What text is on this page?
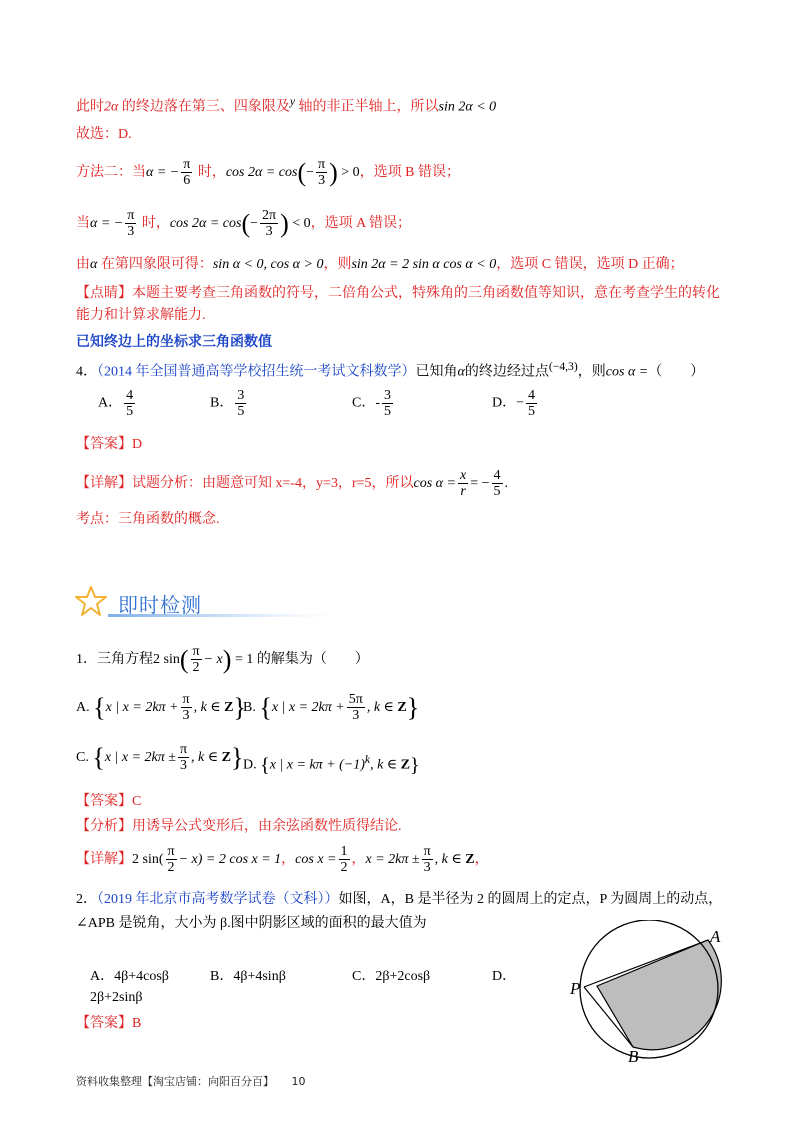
此时2α 的终边落在第三、四象限及$^y$ 轴的非正半轴上，所以sin 2α < 0
故选：D.
方法二：当α = − $\frac{\pi}{6}$ 时，$\cos 2\alpha = \cos(- \frac{\pi}{3}$ ) > 0，选项 B 错误；
当α = − $\frac{\pi}{3}$ 时，$\cos 2\alpha = \cos(- \frac{2\pi}{3}$ ) < 0，选项 A 错误；
由α 在第四象限可得：sin α < 0, cos α > 0，则sin 2α = 2 sin α cos α < 0，选项 C 错误，选项 D 正确；
【点睛】本题主要考查三角函数的符号，二倍角公式，特殊角的三角函数值等知识，意在考查学生的转化
能力和计算求解能力.
已知终边上的坐标求三角函数值
4．（2014 年全国普通高等学校招生统一考试文科数学）已知角α的终边经过点$^{(-4,3)}$，则cos α =（　　）
A． $\frac{4}{5}$	B． $\frac{3}{5}$	C．- $\frac{3}{5}$	D．− $\frac{4}{5}$
【答案】D
【详解】试题分析：由题意可知 x=-4，y=3，r=5，所以$\cos \alpha = \frac{x}{r}$ = − $\frac{4}{5}$ .
考点：三角函数的概念.
即时检测
1．三角方程2 $\sin( \frac{\pi}{2} - x) = 1$ 的解集为（　　）
A. {x | $x = 2k\pi + \frac{\pi}{3}$ , k ∈ Z}
B. {x | $x = 2k\pi + \frac{5\pi}{3}$ , k ∈ Z}
C. {x | $x = 2k\pi \pm \frac{\pi}{3}$ , k ∈ Z} D. {x | $x = k\pi + (-1)^k$, k ∈ Z}
【答案】C
【分析】用诱导公式变形后，由余弦函数性质得结论.
【详解】2 $\sin( \frac{\pi}{2} - x) = 2$ cos x = 1，$\cos x = \frac{1}{2}$ ，$x = 2k\pi \pm \frac{\pi}{3}$ , k ∈ Z，
2．（2019 年北京市高考数学试卷（文科））如图，A，B 是半径为 2 的圆周上的定点，P 为圆周上的动点，
∠APB 是锐角，大小为 β.图中阴影区域的面积的最大值为
A．4β+4cosβ	B．4β+4sinβ	C．2β+2cosβ	D．
2β+2sinβ
【答案】B
A
P
B
资料收集整理【淘宝店铺：向阳百分百】 10
